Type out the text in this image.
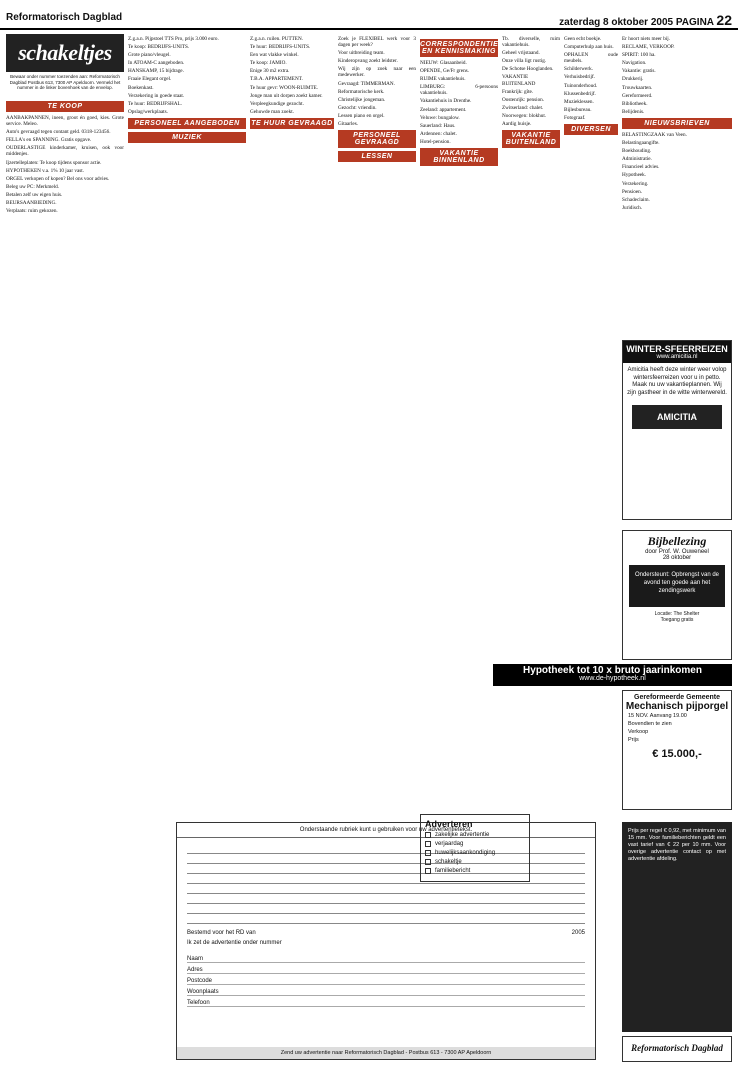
Reformatorisch Dagblad	zaterdag 8 oktober 2005 PAGINA 22
schakeltjes
Bewaar onder nummer toezenden aan: Reformatorisch Dagblad Postbus 613, 7300 AP Apeldoorn. Vermeld het nummer in de linker bovenhoek van de envelop.
TE KOOP

AANBAKPANNEN, ineen, groot én goed, kies. Grote service. Meleo.

Auto's gevraagd tegen contant geld. 0318-123456.

FELLA's en SPANNING. Gratis opgave.

OUDERLASTIGE kinderkamer, kruisen, ook voor middenjes.

Ijzertelleplaten: Te koop tijdens sponsor actie.

HYPOTHEKEN v.a. 1% 10 jaar vast.

ORGEL verkopen of kopen? Bel ons voor advies.

Beleg uw PC: Merkmeld.

Betalen zelf uw eigen huis.

BEURSAANBIEDING.

Verplaats: ruim gekozen.

Z.g.a.n. Pijpstoel TTS Pro, prijs 3.000 euro.

Te koop: BEDRIJFS-UNITS.

Grote piano/vleugel.

In ATOAM-C aangeboden.

HANSKAMP, 15 bijdrage.

Fraaie Elegant orgel.

Boekenkast.

Verzekering in goede staat.

Te huur: BEDRIJFSHAL.

Opslag/werkplaats.

PERSONEEL AANGEBODEN
MUZIEK

Z.g.a.n. ruilen. PUTTEN.

Te huur: BEDRIJFS-UNITS.

Een wat vlakke winkel.

Te koop: JAMIO.

Enige 30 m2 extra.

T.B.A. APPARTEMENT.

Te huur gevr: WOON-RUIMTE.

Jonge man uit dorpen zoekt kamer.

Verpleegkundige gezocht.

Gehuwde man zoekt.

TE HUUR GEVRAAGD

Zoek je FLEXIBEL werk voor 3 dagen per week?

Voor uitbreiding team.

Kinderopvang zoekt leidster.

Wij zijn op zoek naar een medewerker.

Gevraagd: TIMMERMAN.

Reformatorische kerk.

Christelijke jongeman.

Gezocht: vriendin.

Lessen piano en orgel.

Gitaarles.

PERSONEEL GEVRAAGD
LESSEN
CORRESPONDENTIE EN KENNISMAKING

NIEUW: Glasaanbeid.

OPENDE, Ge/Fr grens.

RUIME vakantiehuis.

LIMBURG: 6-persoons vakantiehuis.

Vakantiehuis in Drenthe.

Zeeland: appartement.

Veluwe: bungalow.

Sauerland: Haus.

Ardennen: chalet.

Hotel-pension.

VAKANTIE BINNENLAND

Tb. diverselle, ruim vakantiehuis.

Geheel vrijstaand.

Onze villa ligt rustig.

De Schotse Hooglanden.

VAKANTIE BUITENLAND

Frankrijk: gîte.

Oostenrijk: pension.

Zwitserland: chalet.

Noorwegen: blokhut.

Aardig huisje.

VAKANTIE BUITENLAND

Geen echt boekje.

Computerhulp aan huis.

OPHALEN oude meubels.

Schilderwerk.

Verhuisbedrijf.

Tuinonderhoud.

Klussenbedrijf.

Muzieklessen.

Bijlesbureau.

Fotograaf.

DIVERSEN

Er hoort niets meer bij.

RECLAME, VERKOOP.

SPIRIT: 100 ha.

Navigation.

Vakantie: gratis.

Drukkerij.

Trouwkaarten.

Gereformeerd.

Bibliotheek.

Belijdenis.

NIEUWSBRIEVEN

BELASTINGZAAK van Veen.

Belastingaangifte.

Boekhouding.

Administratie.

Financieel advies.

Hypotheek.

Verzekering.

Pensioen.

Schadeclaim.

Juridisch.

WINTER-SFEERREIZEN
www.amicitia.nl
Amicitia heeft deze winter weer volop wintersfeerreizen voor u in petto. Maak nu uw vakantieplannen. Wij zijn gastheer in de witte winterwereld.
AMICITIA
Bijbellezing
door Prof. W. Ouweneel
28 oktober
Ondersteunt: Opbrengst van de avond ten goede aan het zendingswerk
Locatie: The Shelter
Toegang gratis
Hypotheek tot 10 x bruto jaarinkomen
www.de-hypotheek.nl
Gereformeerde Gemeente
Mechanisch pijporgel
15 NOV. Aanvang 19.00
Bovendien te zien
Verkoop
Prijs
€ 15.000,-
Onderstaande rubriek kunt u gebruiken voor uw advertentietekst.
Bestemd voor het RD van	2005
Ik zet de advertentie onder nummer
Naam
Adres
Postcode
Woonplaats
Telefoon
Zend uw advertentie naar Reformatorisch Dagblad - Postbus 613 - 7300 AP Apeldoorn
Adverteren
zakelijke advertentie
verjaardag
huwelijksaankondiging
schakeltje
familiebericht
Prijs per regel € 0,92, met minimum van 15 mm. Voor familieberichten geldt een vast tarief van € 22 per 10 mm. Voor overige advertentie contact op met advertentie afdeling.
Reformatorisch Dagblad
